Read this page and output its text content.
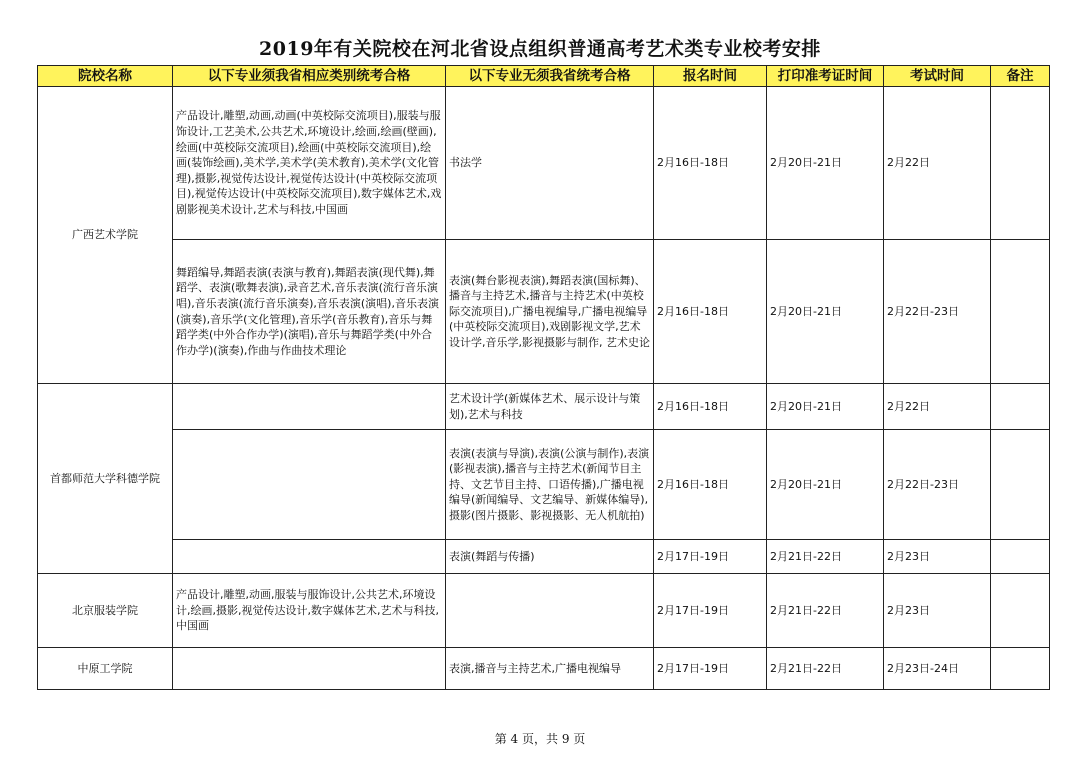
2019年有关院校在河北省设点组织普通高考艺术类专业校考安排
院校名称	以下专业须我省相应类别统考合格	以下专业无须我省统考合格	报名时间	打印准考证时间	考试时间	备注
广西艺术学院	产品设计,雕塑,动画,动画(中英校际交流项目),服装与服饰设计,工艺美术,公共艺术,环境设计,绘画,绘画(壁画),绘画(中英校际交流项目),绘画(中英校际交流项目),绘画(装饰绘画),美术学,美术学(美术教育),美术学(文化管理),摄影,视觉传达设计,视觉传达设计(中英校际交流项目),视觉传达设计(中英校际交流项目),数字媒体艺术,戏剧影视美术设计,艺术与科技,中国画	书法学	2月16日-18日	2月20日-21日	2月22日	
	舞蹈编导,舞蹈表演(表演与教育),舞蹈表演(现代舞),舞蹈学、表演(歌舞表演),录音艺术,音乐表演(流行音乐演唱),音乐表演(流行音乐演奏),音乐表演(演唱),音乐表演(演奏),音乐学(文化管理),音乐学(音乐教育),音乐与舞蹈学类(中外合作办学)(演唱),音乐与舞蹈学类(中外合作办学)(演奏),作曲与作曲技术理论	表演(舞台影视表演),舞蹈表演(国标舞)、播音与主持艺术,播音与主持艺术(中英校际交流项目),广播电视编导,广播电视编导(中英校际交流项目),戏剧影视文学,艺术设计学,音乐学,影视摄影与制作, 艺术史论	2月16日-18日	2月20日-21日	2月22日-23日	
首都师范大学科德学院		艺术设计学(新媒体艺术、展示设计与策划),艺术与科技	2月16日-18日	2月20日-21日	2月22日	
		表演(表演与导演),表演(公演与制作),表演(影视表演),播音与主持艺术(新闻节目主持、文艺节目主持、口语传播),广播电视编导(新闻编导、文艺编导、新媒体编导),摄影(图片摄影、影视摄影、无人机航拍)	2月16日-18日	2月20日-21日	2月22日-23日	
		表演(舞蹈与传播)	2月17日-19日	2月21日-22日	2月23日	
北京服装学院	产品设计,雕塑,动画,服装与服饰设计,公共艺术,环境设计,绘画,摄影,视觉传达设计,数字媒体艺术,艺术与科技,中国画		2月17日-19日	2月21日-22日	2月23日	
中原工学院		表演,播音与主持艺术,广播电视编导	2月17日-19日	2月21日-22日	2月23日-24日	
第 4 页，共 9 页
